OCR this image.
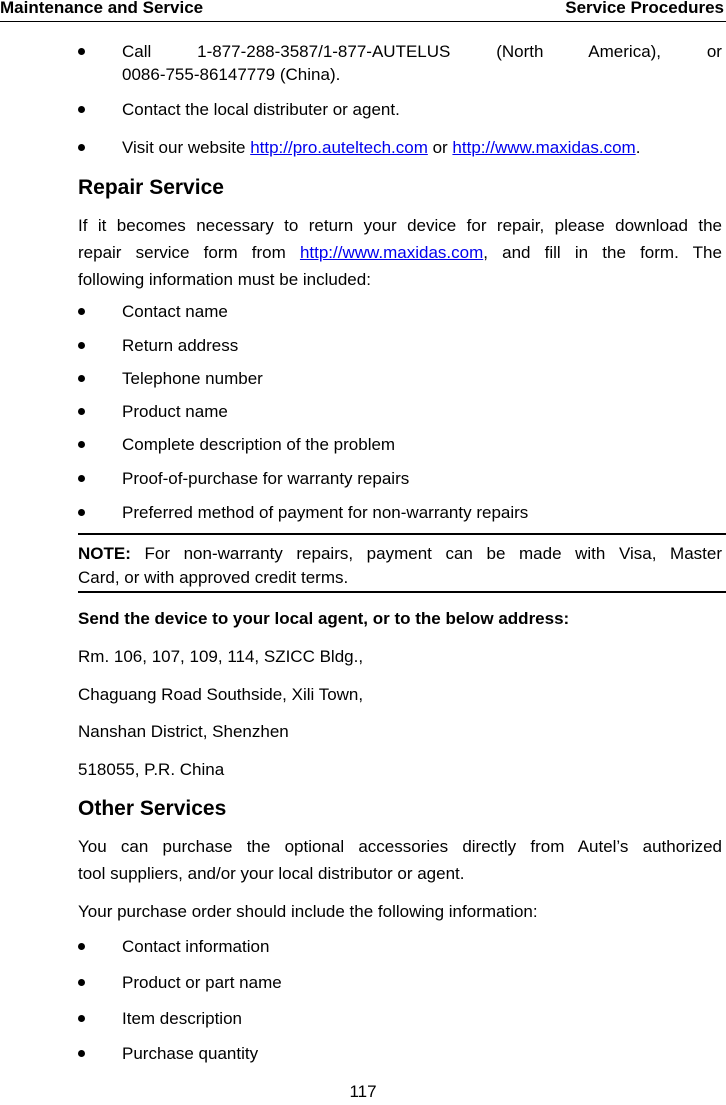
Maintenance and Service	Service Procedures
Call	1-877-288-3587/1-877-AUTELUS	(North	America),	or
0086-755-86147779 (China).
Contact the local distributer or agent.
Visit our website http://pro.auteltech.com or http://www.maxidas.com.
Repair Service
If it becomes necessary to return your device for repair, please download the
repair service form from http://www.maxidas.com, and fill in the form. The
following information must be included:
Contact name
Return address
Telephone number
Product name
Complete description of the problem
Proof-of-purchase for warranty repairs
Preferred method of payment for non-warranty repairs
NOTE: For non-warranty repairs, payment can be made with Visa, Master
Card, or with approved credit terms.
Send the device to your local agent, or to the below address:
Rm. 106, 107, 109, 114, SZICC Bldg.,
Chaguang Road Southside, Xili Town,
Nanshan District, Shenzhen
518055, P.R. China
Other Services
You can purchase the optional accessories directly from Autel’s authorized
tool suppliers, and/or your local distributor or agent.
Your purchase order should include the following information:
Contact information
Product or part name
Item description
Purchase quantity
117
